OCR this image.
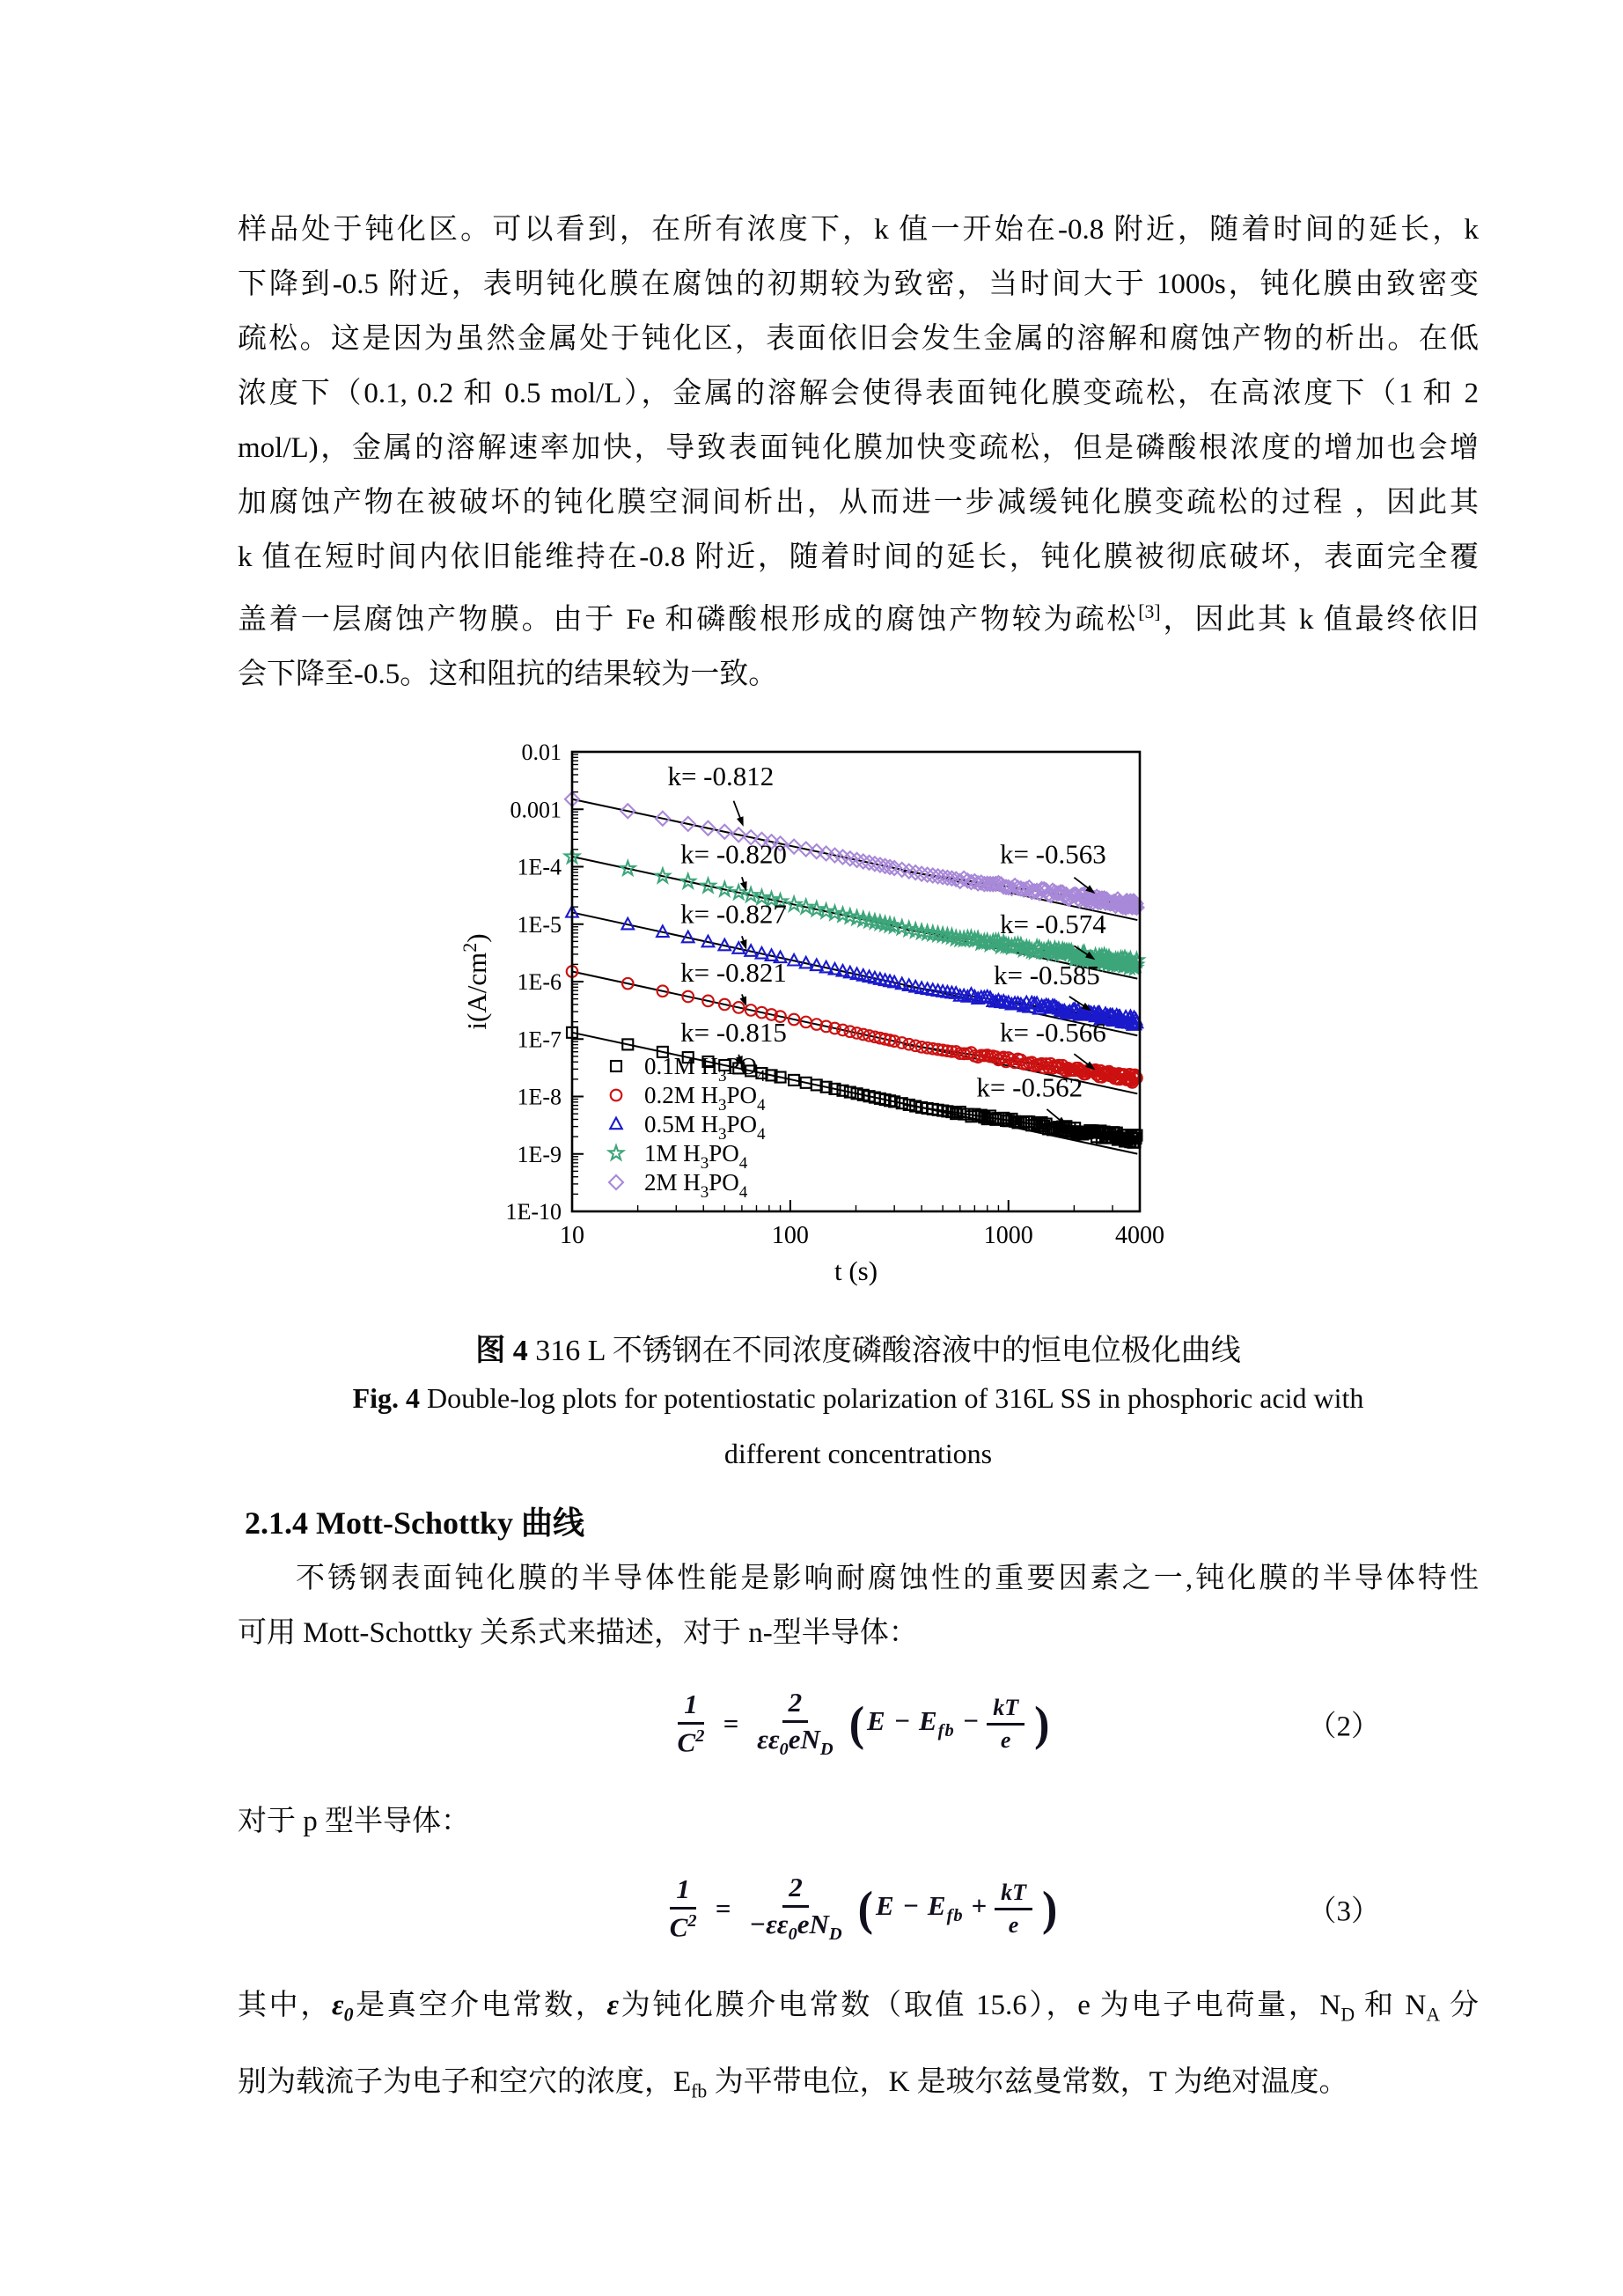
样品处于钝化区。可以看到，在所有浓度下，k 值一开始在-0.8 附近，随着时间的延长，k
下降到-0.5 附近，表明钝化膜在腐蚀的初期较为致密，当时间大于 1000s，钝化膜由致密变
疏松。这是因为虽然金属处于钝化区，表面依旧会发生金属的溶解和腐蚀产物的析出。在低
浓度下（0.1, 0.2 和 0.5 mol/L），金属的溶解会使得表面钝化膜变疏松，在高浓度下（1 和 2
mol/L)，金属的溶解速率加快，导致表面钝化膜加快变疏松，但是磷酸根浓度的增加也会增
加腐蚀产物在被破坏的钝化膜空洞间析出，从而进一步减缓钝化膜变疏松的过程 ，因此其
k 值在短时间内依旧能维持在-0.8 附近，随着时间的延长，钝化膜被彻底破坏，表面完全覆
盖着一层腐蚀产物膜。由于 Fe 和磷酸根形成的腐蚀产物较为疏松[3]，因此其 k 值最终依旧
会下降至-0.5。这和阻抗的结果较为一致。
k= -0.812
k= -0.563
k= -0.820
k= -0.574
k= -0.827
k= -0.585
k= -0.821
k= -0.566
k= -0.815
k= -0.562
0.1M H3PO4
0.2M H3PO4
0.5M H3PO4
1M H3PO4
2M H3PO4
0.01
0.001
1E-4
1E-5
1E-6
1E-7
1E-8
1E-9
1E-10
10	100	1000	4000
t (s)
i(A/cm2)
图 4 316 L 不锈钢在不同浓度磷酸溶液中的恒电位极化曲线
Fig. 4 Double-log plots for potentiostatic polarization of 316L SS in phosphoric acid with
different concentrations
2.1.4 Mott-Schottky 曲线
不锈钢表面钝化膜的半导体性能是影响耐腐蚀性的重要因素之一,钝化膜的半导体特性
可用 Mott-Schottky 关系式来描述，对于 n-型半导体：
$\frac{1}{C^2} = \frac{2}{\varepsilon\varepsilon_0eN_D}$ ( $E - E_{fb} - \frac{kT}{e}$ )	（2）
对于 p 型半导体：
$\frac{1}{C^2} = \frac{2}{-\varepsilon\varepsilon_0eN_D}$ ( $E - E_{fb} + \frac{kT}{e}$ )	（3）
其中，$\varepsilon_0$是真空介电常数，ε为钝化膜介电常数（取值 15.6），e 为电子电荷量，$N_D$ 和 $N_A$ 分
别为载流子为电子和空穴的浓度，$E_{fb}$ 为平带电位，K 是玻尔兹曼常数，T 为绝对温度。
